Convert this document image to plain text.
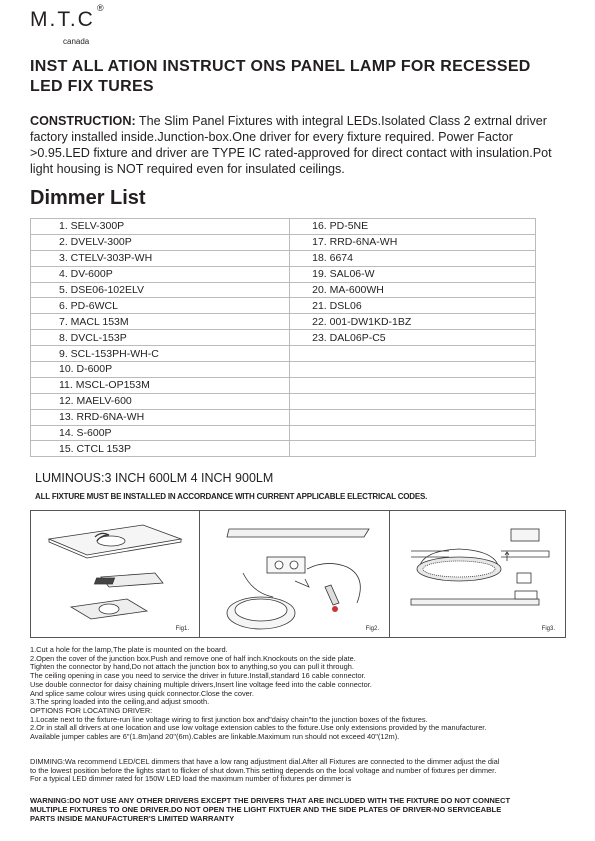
M.T.C ®
canada
INST ALL ATION INSTRUCT ONS PANEL LAMP FOR RECESSED
LED FIX TURES
CONSTRUCTION: The Slim Panel Fixtures with integral LEDs.Isolated Class 2 extrnal driver factory installed inside.Junction-box.One driver for every fixture required. Power Factor >0.95.LED fixture and driver are TYPE IC rated-approved for direct contact with insulation.Pot light housing is NOT required even for insulated ceilings.
Dimmer List
1. SELV-300P	16. PD-5NE
2. DVELV-300P	17. RRD-6NA-WH
3. CTELV-303P-WH	18. 6674
4. DV-600P	19. SAL06-W
5. DSE06-102ELV	20. MA-600WH
6. PD-6WCL	21. DSL06
7. MACL 153M	22. 001-DW1KD-1BZ
8. DVCL-153P	23. DAL06P-C5
9. SCL-153PH-WH-C	
10. D-600P	
11. MSCL-OP153M	
12. MAELV-600	
13. RRD-6NA-WH	
14. S-600P	
15. CTCL 153P	
LUMINOUS:3 INCH 600LM 4 INCH 900LM
ALL FIXTURE MUST BE INSTALLED IN ACCORDANCE WITH CURRENT APPLICABLE ELECTRICAL CODES.
Fig1.	Fig2.	Fig3.
1.Cut a hole for the lamp,The plate is mounted on the board.
2.Open the cover of the junction box.Push and remove one of half inch.Knockouts on the side plate.
Tighten the connector by hand,Do not attach the junction box to anything,so you can pull it through.
The ceiling opening in case you need to service the driver in future.Install,standard 16 cable connector.
Use double connector for daisy chaining multiple drivers,Insert line voltage feed into the cable connector.
And splice same colour wires using quick connector.Close the cover.
3.The spring loaded into the ceiling,and adjust smooth.
OPTIONS FOR LOCATING DRIVER:
1.Locate next to the fixture-run line voltage wiring to first junction box and"daisy chain"to the junction boxes of the fixtures.
2.Or in stall all drivers at one location and use low voltage extension cables to the fixture.Use only extensions provided by the manufacturer.
Available jumper cables are 6"(1.8m)and 20"(6m).Cables are linkable.Maximum run should not exceed 40"(12m).
DIMMING:Wa recommend LED/CEL dimmers that have a low rang adjustment dial.After all Fixtures are connected to the dimmer adjust the dial
to the lowest position before the lights start to flicker of shut down.This setting depends on the local voltage and number of fixtures per dimmer.
For a typical LED dimmer rated for 150W LED load the maximum number of fixtures per dimmer is
WARNING:DO NOT USE ANY OTHER DRIVERS EXCEPT THE DRIVERS THAT ARE INCLUDED WITH THE FIXTURE DO NOT CONNECT
MULTIPLE FIXTURES TO ONE DRIVER.DO NOT OPEN THE LIGHT FIXTUER AND THE SIDE PLATES OF DRIVER-NO SERVICEABLE
PARTS INSIDE MANUFACTURER'S LIMITED WARRANTY
